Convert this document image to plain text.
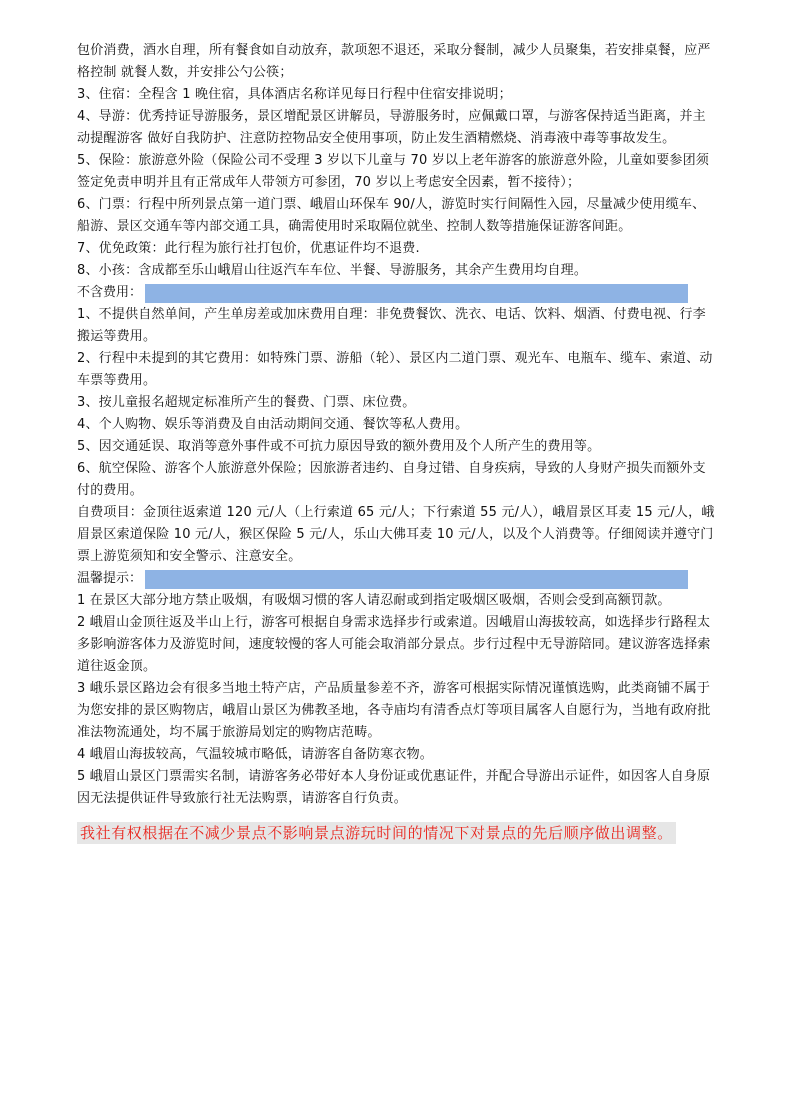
包价消费，酒水自理，所有餐食如自动放弃，款项恕不退还，采取分餐制，减少人员聚集，若安排桌餐，应严格控制 就餐人数，并安排公勺公筷；

3、住宿：全程含 1 晚住宿，具体酒店名称详见每日行程中住宿安排说明；

4、导游：优秀持证导游服务，景区增配景区讲解员，导游服务时，应佩戴口罩，与游客保持适当距离，并主动提醒游客 做好自我防护、注意防控物品安全使用事项，防止发生酒精燃烧、消毒液中毒等事故发生。

5、保险：旅游意外险（保险公司不受理 3 岁以下儿童与 70 岁以上老年游客的旅游意外险，儿童如要参团须签定免责申明并且有正常成年人带领方可参团，70 岁以上考虑安全因素，暂不接待）；

6、门票：行程中所列景点第一道门票、峨眉山环保车 90/人，游览时实行间隔性入园，尽量减少使用缆车、船游、景区交通车等内部交通工具，确需使用时采取隔位就坐、控制人数等措施保证游客间距。

7、优免政策：此行程为旅行社打包价，优惠证件均不退费.

8、小孩：含成都至乐山峨眉山往返汽车车位、半餐、导游服务，其余产生费用均自理。

不含费用：

1、不提供自然单间，产生单房差或加床费用自理：非免费餐饮、洗衣、电话、饮料、烟酒、付费电视、行李搬运等费用。

2、行程中未提到的其它费用：如特殊门票、游船（轮）、景区内二道门票、观光车、电瓶车、缆车、索道、动车票等费用。

3、按儿童报名超规定标准所产生的餐费、门票、床位费。

4、个人购物、娱乐等消费及自由活动期间交通、餐饮等私人费用。

5、因交通延误、取消等意外事件或不可抗力原因导致的额外费用及个人所产生的费用等。

6、航空保险、游客个人旅游意外保险；因旅游者违约、自身过错、自身疾病，导致的人身财产损失而额外支付的费用。

自费项目：金顶往返索道 120 元/人（上行索道 65 元/人；下行索道 55 元/人），峨眉景区耳麦 15 元/人，峨眉景区索道保险 10 元/人，猴区保险 5 元/人，乐山大佛耳麦 10 元/人，以及个人消费等。仔细阅读并遵守门票上游览须知和安全警示、注意安全。

温馨提示：

1 在景区大部分地方禁止吸烟，有吸烟习惯的客人请忍耐或到指定吸烟区吸烟，否则会受到高额罚款。

2 峨眉山金顶往返及半山上行，游客可根据自身需求选择步行或索道。因峨眉山海拔较高，如选择步行路程太多影响游客体力及游览时间，速度较慢的客人可能会取消部分景点。步行过程中无导游陪同。建议游客选择索道往返金顶。

3 峨乐景区路边会有很多当地土特产店，产品质量参差不齐，游客可根据实际情况谨慎选购，此类商铺不属于为您安排的景区购物店，峨眉山景区为佛教圣地，各寺庙均有清香点灯等项目属客人自愿行为，当地有政府批准法物流通处，均不属于旅游局划定的购物店范畴。

4 峨眉山海拔较高，气温较城市略低，请游客自备防寒衣物。

5 峨眉山景区门票需实名制，请游客务必带好本人身份证或优惠证件，并配合导游出示证件，如因客人自身原因无法提供证件导致旅行社无法购票，请游客自行负责。

我社有权根据在不减少景点不影响景点游玩时间的情况下对景点的先后顺序做出调整。
